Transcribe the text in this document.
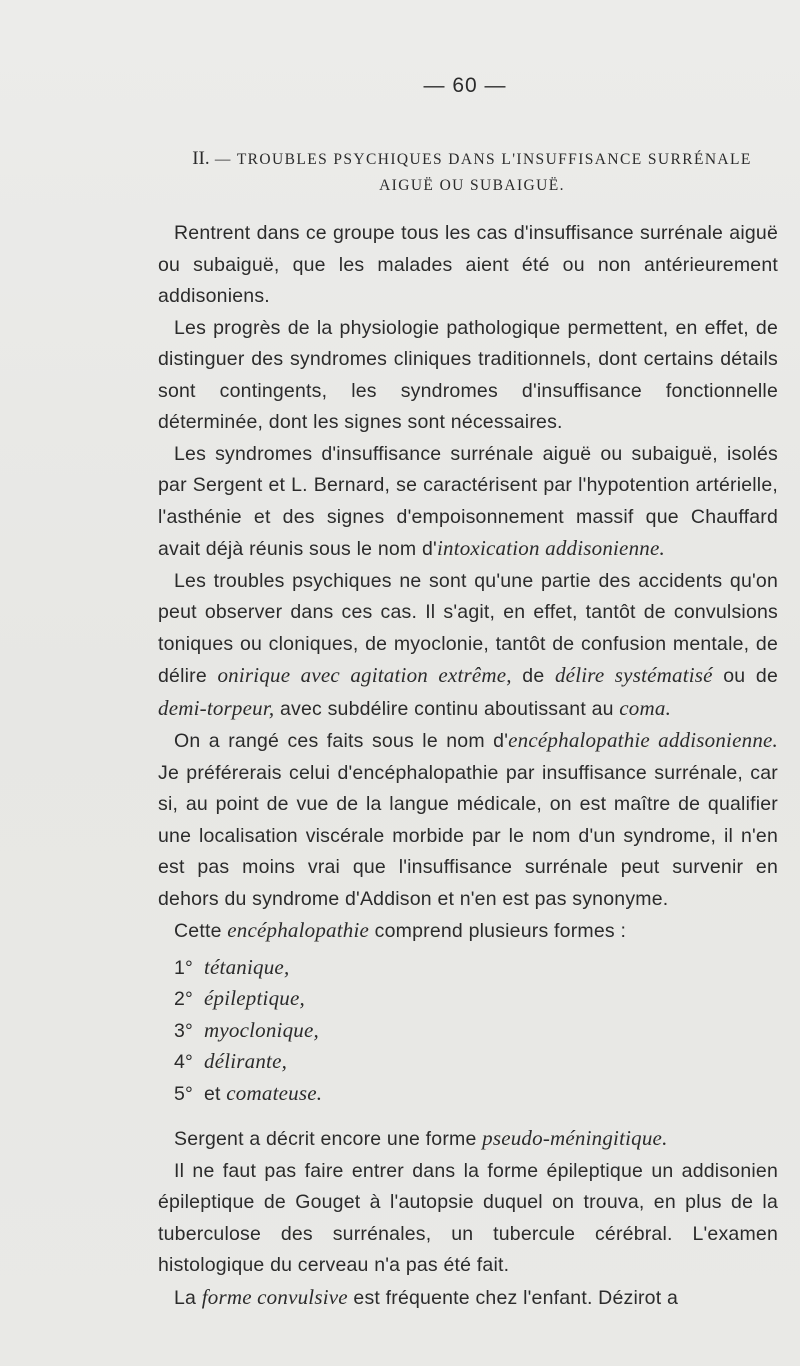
— 60 —
II. — TROUBLES PSYCHIQUES DANS L'INSUFFISANCE SURRÉNALE
AIGUË OU SUBAIGUË.

Rentrent dans ce groupe tous les cas d'insuffisance surrénale aiguë ou subaiguë, que les malades aient été ou non antérieurement addisoniens.

Les progrès de la physiologie pathologique permettent, en effet, de distinguer des syndromes cliniques traditionnels, dont certains détails sont contingents, les syndromes d'insuffisance fonctionnelle déterminée, dont les signes sont nécessaires.

Les syndromes d'insuffisance surrénale aiguë ou subaiguë, isolés par Sergent et L. Bernard, se caractérisent par l'hypotention artérielle, l'asthénie et des signes d'empoisonnement massif que Chauffard avait déjà réunis sous le nom d'intoxication addisonienne.

Les troubles psychiques ne sont qu'une partie des accidents qu'on peut observer dans ces cas. Il s'agit, en effet, tantôt de convulsions toniques ou cloniques, de myoclonie, tantôt de confusion mentale, de délire onirique avec agitation extrême, de délire systématisé ou de demi-torpeur, avec subdélire continu aboutissant au coma.

On a rangé ces faits sous le nom d'encéphalopathie addisonienne. Je préférerais celui d'encéphalopathie par insuffisance surrénale, car si, au point de vue de la langue médicale, on est maître de qualifier une localisation viscérale morbide par le nom d'un syndrome, il n'en est pas moins vrai que l'insuffisance surrénale peut survenir en dehors du syndrome d'Addison et n'en est pas synonyme.

Cette encéphalopathie comprend plusieurs formes :

1° tétanique,
2° épileptique,
3° myoclonique,
4° délirante,
5° et comateuse.

Sergent a décrit encore une forme pseudo-méningitique.

Il ne faut pas faire entrer dans la forme épileptique un addisonien épileptique de Gouget à l'autopsie duquel on trouva, en plus de la tuberculose des surrénales, un tubercule cérébral. L'examen histologique du cerveau n'a pas été fait.

La forme convulsive est fréquente chez l'enfant. Dézirot a
